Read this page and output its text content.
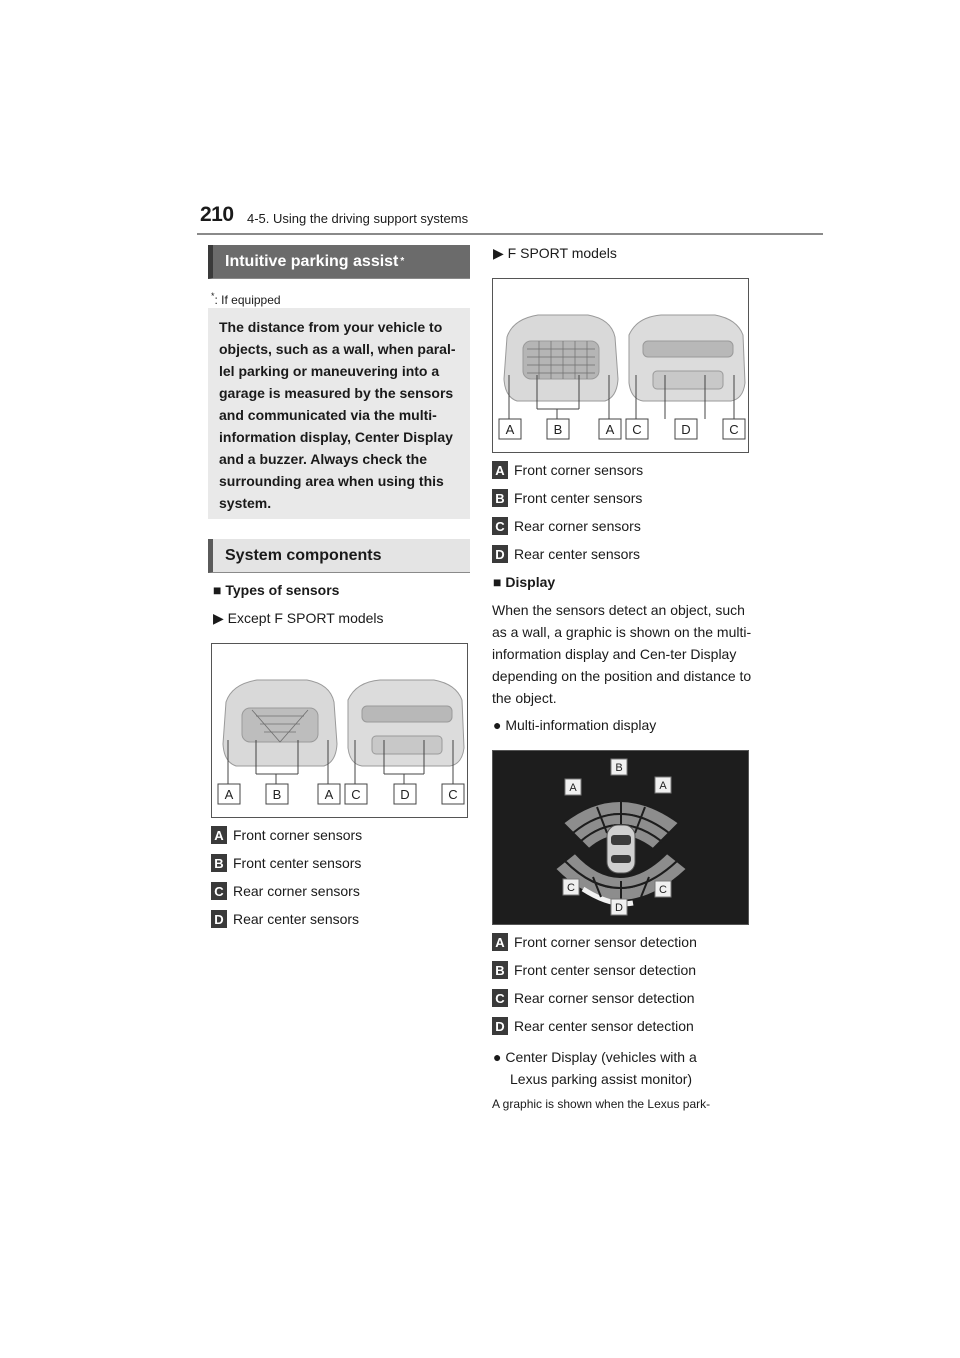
210 4-5. Using the driving support systems
Intuitive parking assist *
*: If equipped
The distance from your vehicle to objects, such as a wall, when paral-lel parking or maneuvering into a garage is measured by the sensors and communicated via the multi-information display, Center Display and a buzzer. Always check the surrounding area when using this system.
System components
■ Types of sensors
▶ Except F SPORT models
A	B	A C	D	C
A Front corner sensors
B Front center sensors
C Rear corner sensors
D Rear center sensors
▶ F SPORT models
A	B	A C	D	C
A Front corner sensors
B Front center sensors
C Rear corner sensors
D Rear center sensors
■ Display
When the sensors detect an object, such as a wall, a graphic is shown on the multi-information display and Cen-ter Display depending on the position and distance to the object.
● Multi-information display
B
A	A
C	C
D
A Front corner sensor detection
B Front center sensor detection
C Rear corner sensor detection
D Rear center sensor detection
● Center Display (vehicles with a
Lexus parking assist monitor)
A graphic is shown when the Lexus park-
